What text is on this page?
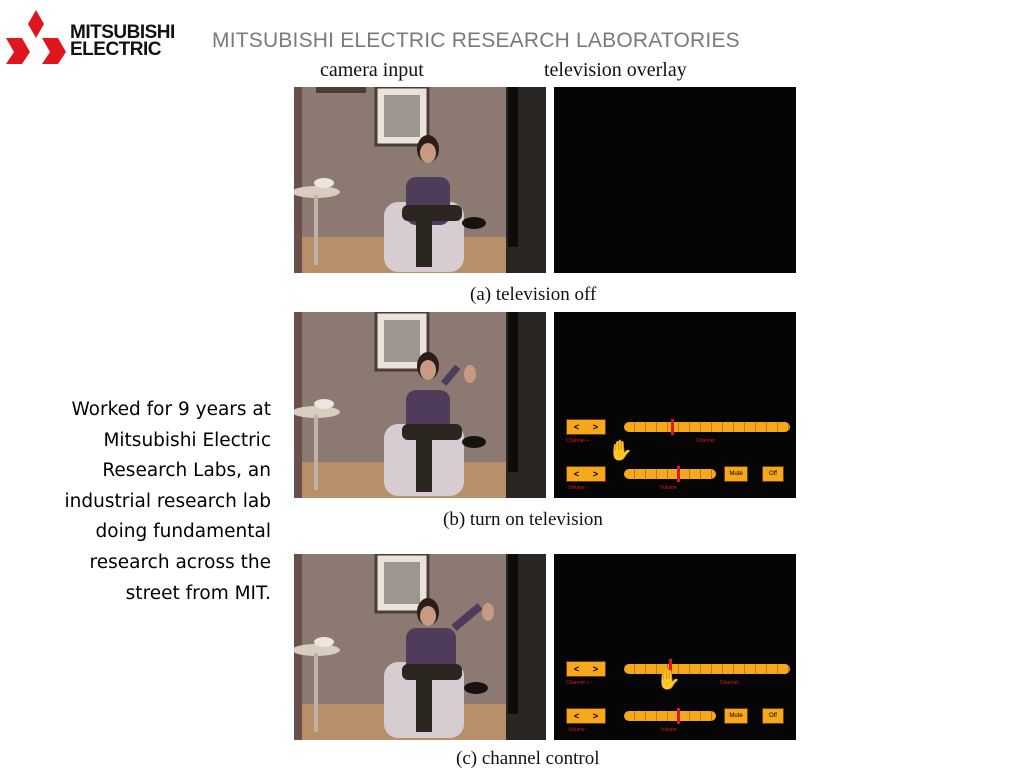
MITSUBISHI
ELECTRIC	MITSUBISHI ELECTRIC RESEARCH LABORATORIES
camera input	television overlay
(a) television off
< >
Channel + -	Channel
✋
< >	Mute	Off
Volume -	Volume
(b) turn on television
< >	✋
Channel + -	Channel
< >	Mute	Off
Volume -	Volume
(c) channel control
Worked for 9 years at Mitsubishi Electric Research Labs, an industrial research lab doing fundamental research across the street from MIT.
